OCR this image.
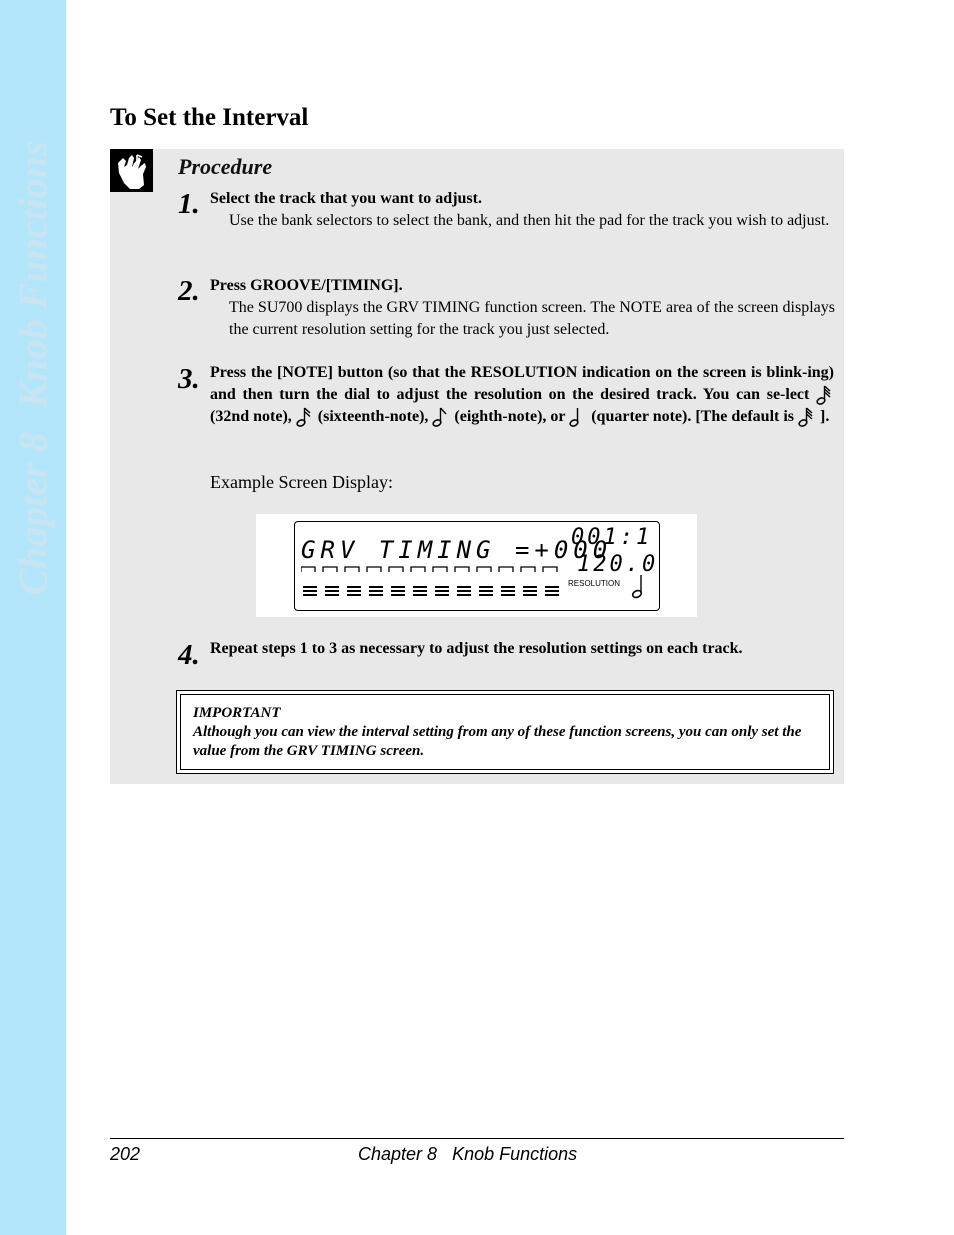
Chapter 8Knob Functions
To Set the Interval
Procedure
1. Select the track that you want to adjust.
Use the bank selectors to select the bank, and then hit the pad for the track you wish to adjust.
2. Press GROOVE/[TIMING].
The SU700 displays the GRV TIMING function screen. The NOTE area of the screen displays the current resolution setting for the track you just selected.
3. Press the [NOTE] button (so that the RESOLUTION indication on the screen is blink-ing) and then turn the dial to adjust the resolution on the desired track. You can se-lect  (32nd note), (sixteenth-note), (eighth-note), or (quarter note). [The default is ].
Example Screen Display:
GRV TIMING =+000
001:1
120.0
RESOLUTION
4. Repeat steps 1 to 3 as necessary to adjust the resolution settings on each track.
IMPORTANT
Although you can view the interval setting from any of these function screens, you can only set the value from the GRV TIMING screen.
202	Chapter 8 Knob Functions
